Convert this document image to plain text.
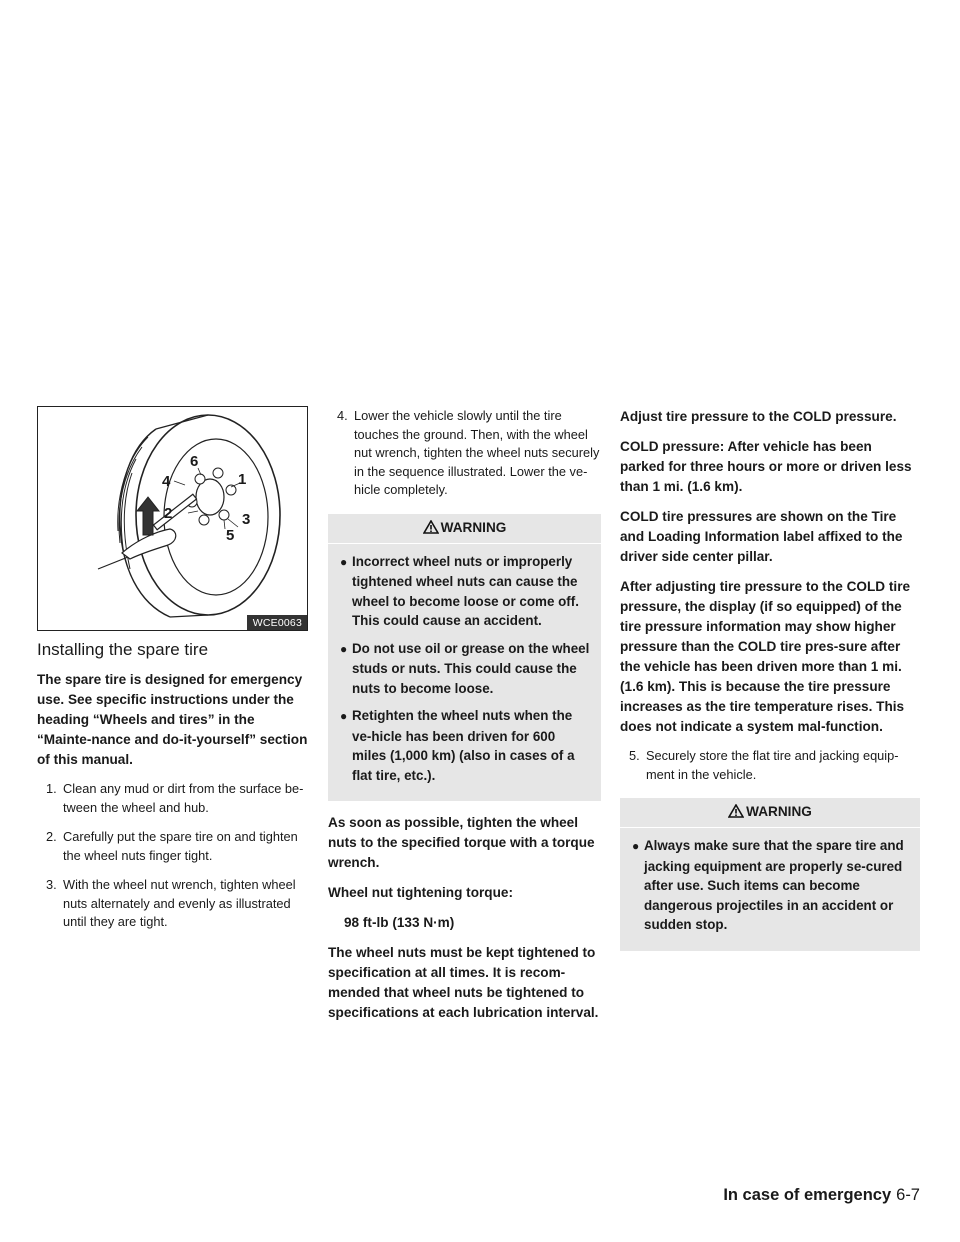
1
2	3
4
5
6
WCE0063
Installing the spare tire

The spare tire is designed for emergency use. See specific instructions under the heading “Wheels and tires” in the “Mainte-nance and do-it-yourself” section of this manual.

1. Clean any mud or dirt from the surface be-tween the wheel and hub.
2. Carefully put the spare tire on and tighten the wheel nuts finger tight.
3. With the wheel nut wrench, tighten wheel nuts alternately and evenly as illustrated until they are tight.
4. Lower the vehicle slowly until the tire touches the ground. Then, with the wheel nut wrench, tighten the wheel nuts securely in the sequence illustrated. Lower the ve-hicle completely.
WARNING
● Incorrect wheel nuts or improperly tightened wheel nuts can cause the wheel to become loose or come off. This could cause an accident.
● Do not use oil or grease on the wheel studs or nuts. This could cause the nuts to become loose.
● Retighten the wheel nuts when the ve-hicle has been driven for 600 miles (1,000 km) (also in cases of a flat tire, etc.).

As soon as possible, tighten the wheel nuts to the specified torque with a torque wrench.

Wheel nut tightening torque:

98 ft-lb (133 N·m)

The wheel nuts must be kept tightened to specification at all times. It is recom-mended that wheel nuts be tightened to specifications at each lubrication interval.

Adjust tire pressure to the COLD pressure.

COLD pressure: After vehicle has been parked for three hours or more or driven less than 1 mi. (1.6 km).

COLD tire pressures are shown on the Tire and Loading Information label affixed to the driver side center pillar.

After adjusting tire pressure to the COLD tire pressure, the display (if so equipped) of the tire pressure information may show higher pressure than the COLD tire pres-sure after the vehicle has been driven more than 1 mi. (1.6 km). This is because the tire pressure increases as the tire temperature rises. This does not indicate a system mal-function.

5. Securely store the flat tire and jacking equip-ment in the vehicle.
WARNING
● Always make sure that the spare tire and jacking equipment are properly se-cured after use. Such items can become dangerous projectiles in an accident or sudden stop.
In case of emergency 6-7
